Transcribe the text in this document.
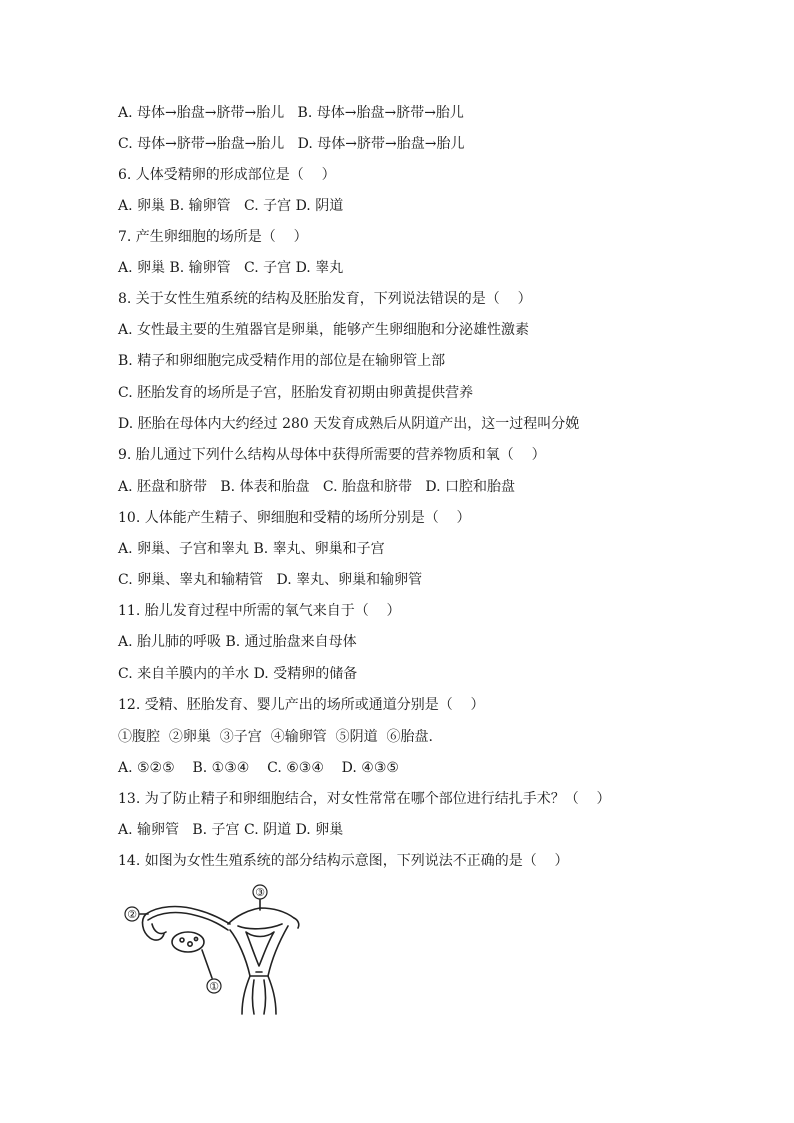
A. 母体→胎盘→脐带→胎儿   B. 母体→胎盘→脐带→胎儿
C. 母体→脐带→胎盘→胎儿   D. 母体→脐带→胎盘→胎儿
6. 人体受精卵的形成部位是（    ）
A. 卵巢 B. 输卵管   C. 子宫 D. 阴道
7. 产生卵细胞的场所是（    ）
A. 卵巢 B. 输卵管   C. 子宫 D. 睾丸
8. 关于女性生殖系统的结构及胚胎发育，下列说法错误的是（    ）
A. 女性最主要的生殖器官是卵巢，能够产生卵细胞和分泌雄性激素
B. 精子和卵细胞完成受精作用的部位是在输卵管上部
C. 胚胎发育的场所是子宫，胚胎发育初期由卵黄提供营养
D. 胚胎在母体内大约经过 280 天发育成熟后从阴道产出，这一过程叫分娩
9. 胎儿通过下列什么结构从母体中获得所需要的营养物质和氧（    ）
A. 胚盘和脐带   B. 体表和胎盘   C. 胎盘和脐带   D. 口腔和胎盘
10. 人体能产生精子、卵细胞和受精的场所分别是（    ）
A. 卵巢、子宫和睾丸 B. 睾丸、卵巢和子宫
C. 卵巢、睾丸和输精管   D. 睾丸、卵巢和输卵管
11. 胎儿发育过程中所需的氧气来自于（    ）
A. 胎儿肺的呼吸 B. 通过胎盘来自母体
C. 来自羊膜内的羊水 D. 受精卵的储备
12. 受精、胚胎发育、婴儿产出的场所或通道分别是（    ）
①腹腔  ②卵巢  ③子宫  ④输卵管  ⑤阴道  ⑥胎盘.
A. ⑤②⑤    B. ①③④    C. ⑥③④    D. ④③⑤
13. 为了防止精子和卵细胞结合，对女性常常在哪个部位进行结扎手术？（    ）
A. 输卵管   B. 子宫 C. 阴道 D. 卵巢
14. 如图为女性生殖系统的部分结构示意图，下列说法不正确的是（    ）
③
②
①
